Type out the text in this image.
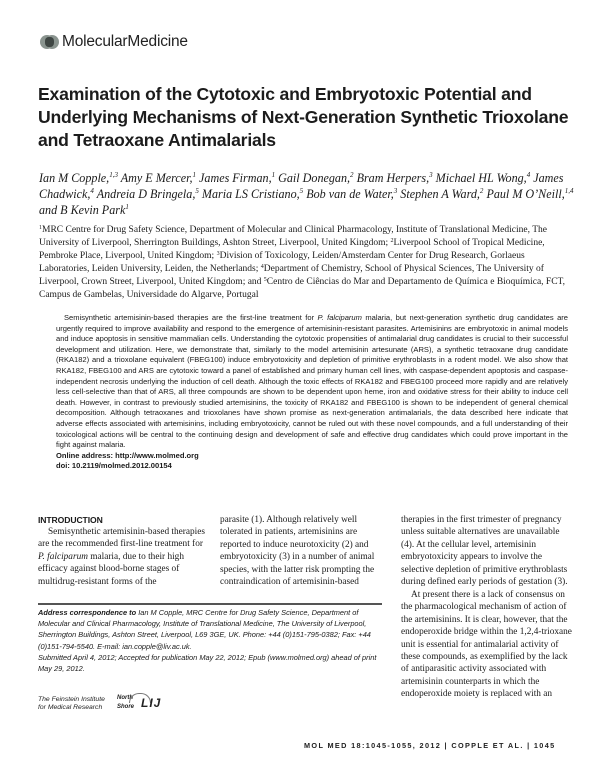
MolecularMedicine
Examination of the Cytotoxic and Embryotoxic Potential and Underlying Mechanisms of Next-Generation Synthetic Trioxolane and Tetraoxane Antimalarials
Ian M Copple,$^{1,3}$ Amy E Mercer,$^1$ James Firman,$^1$ Gail Donegan,$^2$ Bram Herpers,$^3$ Michael HL Wong,$^4$ James Chadwick,$^4$ Andreia D Bringela,$^5$ Maria LS Cristiano,$^5$ Bob van de Water,$^3$ Stephen A Ward,$^2$ Paul M O’Neill,$^{1,4}$ and B Kevin Park$^1$
$^1$MRC Centre for Drug Safety Science, Department of Molecular and Clinical Pharmacology, Institute of Translational Medicine, The University of Liverpool, Sherrington Buildings, Ashton Street, Liverpool, United Kingdom; $^2$Liverpool School of Tropical Medicine, Pembroke Place, Liverpool, United Kingdom; $^3$Division of Toxicology, Leiden/Amsterdam Center for Drug Research, Gorlaeus Laboratories, Leiden University, Leiden, the Netherlands; $^4$Department of Chemistry, School of Physical Sciences, The University of Liverpool, Crown Street, Liverpool, United Kingdom; and $^5$Centro de Ciências do Mar and Departamento de Química e Bioquímica, FCT, Campus de Gambelas, Universidade do Algarve, Portugal

Semisynthetic artemisinin-based therapies are the first-line treatment for P. falciparum malaria, but next-generation synthetic drug candidates are urgently required to improve availability and respond to the emergence of artemisinin-resistant parasites. Artemisinins are embryotoxic in animal models and induce apoptosis in sensitive mammalian cells. Understanding the cytotoxic propensities of antimalarial drug candidates is crucial to their successful development and utilization. Here, we demonstrate that, similarly to the model artemisinin artesunate (ARS), a synthetic tetraoxane drug candidate (RKA182) and a trioxolane equivalent (FBEG100) induce embryotoxicity and depletion of primitive erythroblasts in a rodent model. We also show that RKA182, FBEG100 and ARS are cytotoxic toward a panel of established and primary human cell lines, with caspase-dependent apoptosis and caspase-independent necrosis underlying the induction of cell death. Although the toxic effects of RKA182 and FBEG100 proceed more rapidly and are relatively less cell-selective than that of ARS, all three compounds are shown to be dependent upon heme, iron and oxidative stress for their ability to induce cell death. However, in contrast to previously studied artemisinins, the toxicity of RKA182 and FBEG100 is shown to be independent of general chemical decomposition. Although tetraoxanes and trioxolanes have shown promise as next-generation antimalarials, the data described here indicate that adverse effects associated with artemisinins, including embryotoxicity, cannot be ruled out with these novel compounds, and a full understanding of their toxicological actions will be central to the continuing design and development of safe and effective drug candidates which could prove important in the fight against malaria.

Online address: http://www.molmed.org
doi: 10.2119/molmed.2012.00154
INTRODUCTION

Semisynthetic artemisinin-based therapies are the recommended first-line treatment for P. falciparum malaria, due to their high efficacy against blood-borne stages of multidrug-resistant forms of the

parasite (1). Although relatively well tolerated in patients, artemisinins are reported to induce neurotoxicity (2) and embryotoxicity (3) in a number of animal species, with the latter risk prompting the contraindication of artemisinin-based

therapies in the first trimester of pregnancy unless suitable alternatives are unavailable (4). At the cellular level, artemisinin embryotoxicity appears to involve the selective depletion of primitive erythroblasts during defined early periods of gestation (3).

At present there is a lack of consensus on the pharmacological mechanism of action of the artemisinins. It is clear, however, that the endoperoxide bridge within the 1,2,4-trioxane unit is essential for antimalarial activity of these compounds, as exemplified by the lack of antiparasitic activity associated with artemisinin counterparts in which the endoperoxide moiety is replaced with an

Address correspondence to Ian M Copple, MRC Centre for Drug Safety Science, Department of Molecular and Clinical Pharmacology, Institute of Translational Medicine, The University of Liverpool, Sherrington Buildings, Ashton Street, Liverpool, L69 3GE, UK. Phone: +44 (0)151-795-0382; Fax: +44 (0)151-794-5540. E-mail: ian.copple@liv.ac.uk.
Submitted April 4, 2012; Accepted for publication May 22, 2012; Epub (www.molmed.org) ahead of print May 29, 2012.
The Feinstein Institute
for Medical Research
North
Shore LIJ
MOL MED 18:1045-1055, 2012 | COPPLE ET AL. | 1045
